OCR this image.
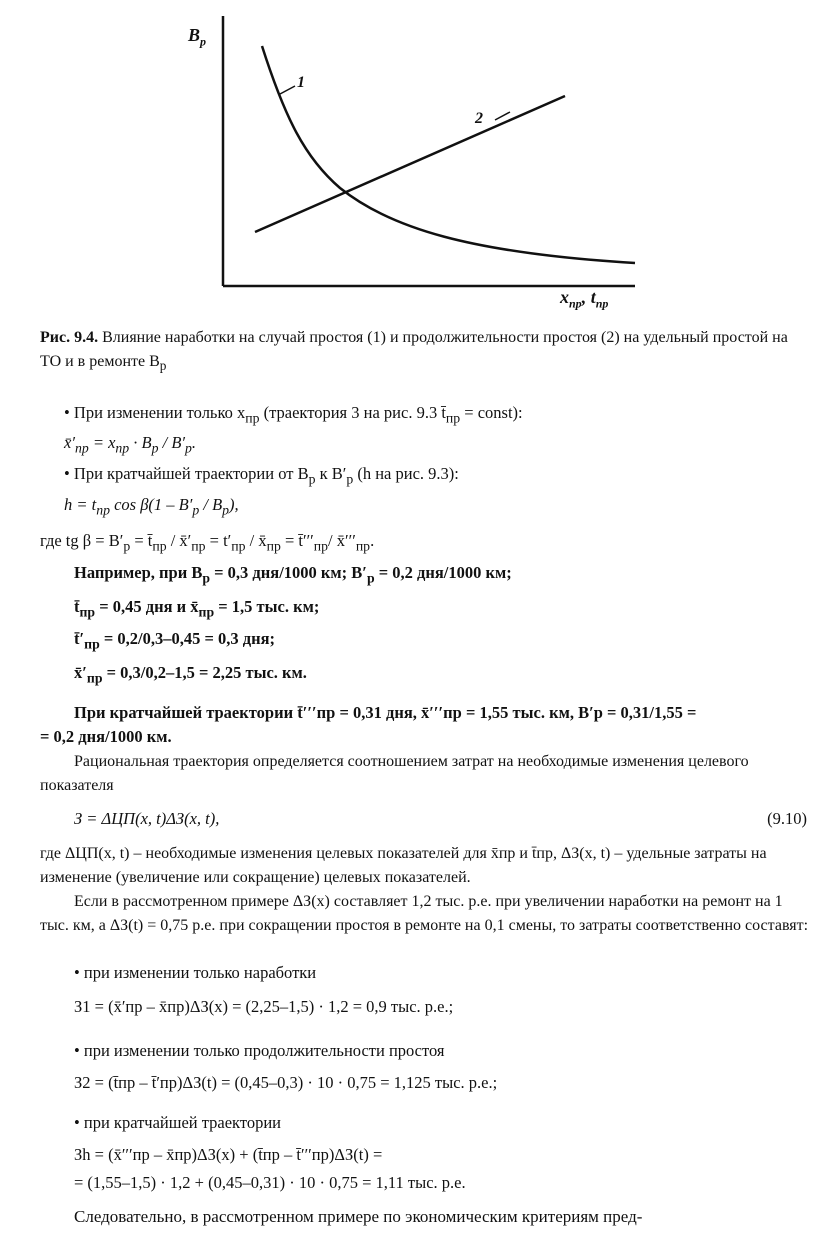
$B_р$
1
2
$x_{пр}$, $t_{пр}$
Рис. 9.4. Влияние наработки на случай простоя (1) и продолжительности простоя (2) на удельный простой на ТО и в ремонте $B_р$
• При изменении только $x_{пр}$ (траектория 3 на рис. 9.3 $t̄_{пр}$ = const):
$x̄'_{пр} = x_{пр} \cdot B_р / B'_р$.
• При кратчайшей траектории от $B_р$ к $B'_р$ (h на рис. 9.3):
$h = t_{пр}$ $\cos \beta(1 - B'_р / B_р)$,
где tg $\beta = B'_р$ = $t̄_{пр}$ / $x̄'_{пр} = t'_{пр}$ / $x̄_{пр}$ = $t̄'''_{пр}/$ $x̄'''_{пр}$.
Например, при $B_р = 0,3$ дня/1000 км; $B'_р = 0,2$ дня/1000 км;
$t̄_{пр} = 0,45$ дня и $x̄_{пр} = 1,5$ тыс. км;
$t̄'_{пр} = 0,2/0,3-0,45 = 0,3$ дня;
$x̄'_{пр} = 0,3/0,2-1,5 = 2,25$ тыс. км.
При кратчайшей траектории t̄′′′пр = 0,31 дня, x̄′′′пр = 1,55 тыс. км, B′р = 0,31/1,55 =
= 0,2 дня/1000 км.
Рациональная траектория определяется соотношением затрат на необходимые изменения целевого показателя
З = ΔЦП(x, t)ΔЗ(x, t),	(9.10)
где ΔЦП(x, t) – необходимые изменения целевых показателей для x̄пр и t̄пр, ΔЗ(x, t) – удельные затраты на изменение (увеличение или сокращение) целевых показателей.
Если в рассмотренном примере ΔЗ(x) составляет 1,2 тыс. р.е. при увеличении наработки на ремонт на 1 тыс. км, а ΔЗ(t) = 0,75 р.е. при сокращении простоя в ремонте на 0,1 смены, то затраты соответственно составят:
• при изменении только наработки
З1 = (x̄′пр – x̄пр)ΔЗ(x) = (2,25–1,5) · 1,2 = 0,9 тыс. р.е.;
• при изменении только продолжительности простоя
З2 = (t̄пр – t̄′пр)ΔЗ(t) = (0,45–0,3) · 10 · 0,75 = 1,125 тыс. р.е.;
• при кратчайшей траектории
Зh = (x̄′′′пр – x̄пр)ΔЗ(x) + (t̄пр – t̄′′′пр)ΔЗ(t) =
= (1,55–1,5) · 1,2 + (0,45–0,31) · 10 · 0,75 = 1,11 тыс. р.е.
Следовательно, в рассмотренном примере по экономическим критериям пред-
